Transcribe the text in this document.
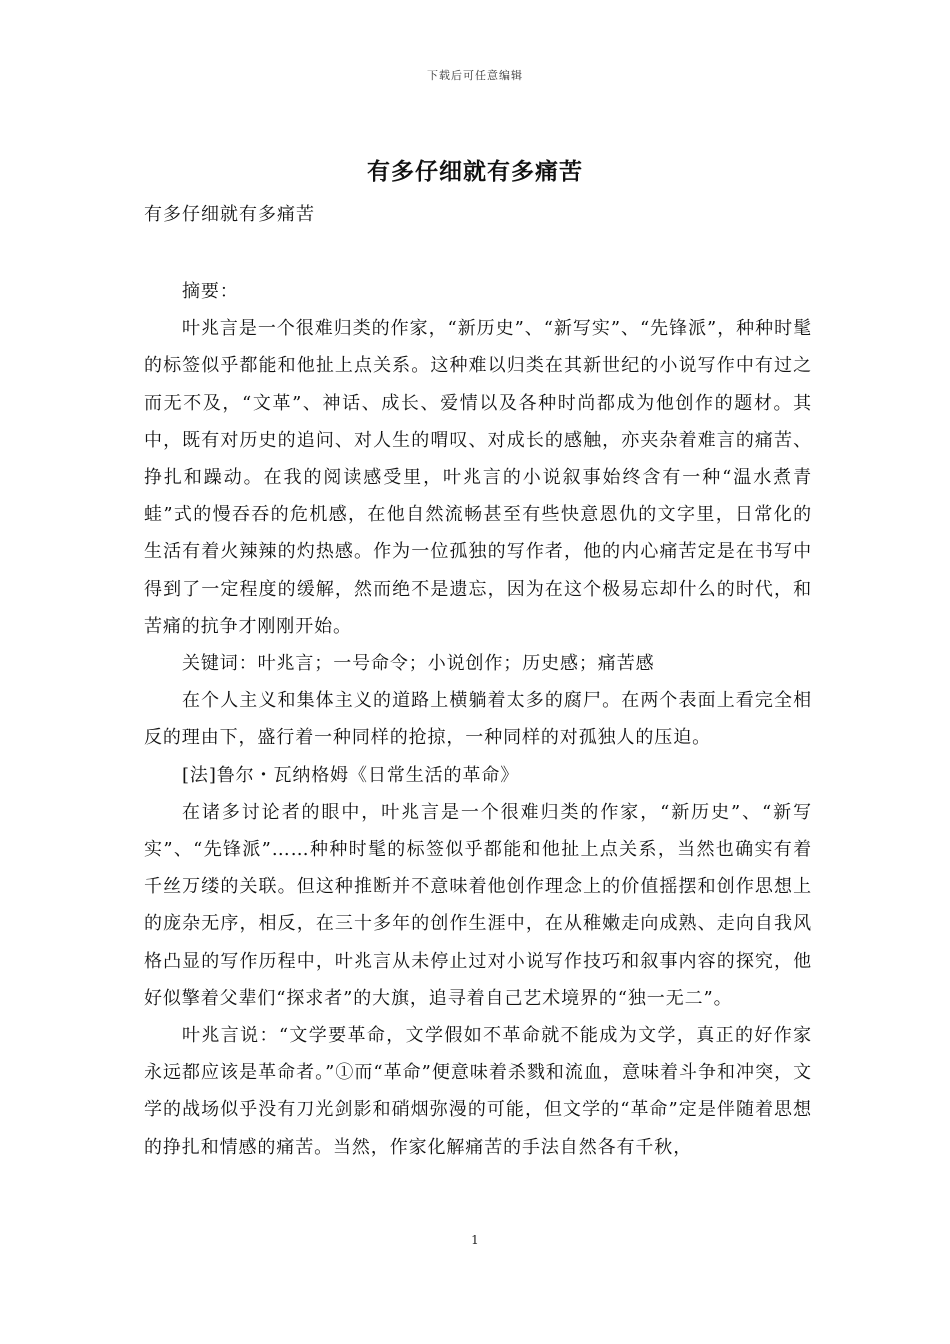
下载后可任意编辑
有多仔细就有多痛苦
有多仔细就有多痛苦

摘要：

叶兆言是一个很难归类的作家，“新历史”、“新写实”、“先锋派”，种种时髦的标签似乎都能和他扯上点关系。这种难以归类在其新世纪的小说写作中有过之而无不及，“文革”、神话、成长、爱情以及各种时尚都成为他创作的题材。其中，既有对历史的追问、对人生的喟叹、对成长的感触，亦夹杂着难言的痛苦、挣扎和躁动。在我的阅读感受里，叶兆言的小说叙事始终含有一种“温水煮青蛙”式的慢吞吞的危机感，在他自然流畅甚至有些快意恩仇的文字里，日常化的生活有着火辣辣的灼热感。作为一位孤独的写作者，他的内心痛苦定是在书写中得到了一定程度的缓解，然而绝不是遗忘，因为在这个极易忘却什么的时代，和苦痛的抗争才刚刚开始。

关键词：叶兆言；一号命令；小说创作；历史感；痛苦感

在个人主义和集体主义的道路上横躺着太多的腐尸。在两个表面上看完全相反的理由下，盛行着一种同样的抢掠，一种同样的对孤独人的压迫。

[法]鲁尔・瓦纳格姆《日常生活的革命》

在诸多讨论者的眼中，叶兆言是一个很难归类的作家，“新历史”、“新写实”、“先锋派”……种种时髦的标签似乎都能和他扯上点关系，当然也确实有着千丝万缕的关联。但这种推断并不意味着他创作理念上的价值摇摆和创作思想上的庞杂无序，相反，在三十多年的创作生涯中，在从稚嫩走向成熟、走向自我风格凸显的写作历程中，叶兆言从未停止过对小说写作技巧和叙事内容的探究，他好似擎着父辈们“探求者”的大旗，追寻着自己艺术境界的“独一无二”。

叶兆言说：“文学要革命，文学假如不革命就不能成为文学，真正的好作家永远都应该是革命者。”①而“革命”便意味着杀戮和流血，意味着斗争和冲突，文学的战场似乎没有刀光剑影和硝烟弥漫的可能，但文学的“革命”定是伴随着思想的挣扎和情感的痛苦。当然，作家化解痛苦的手法自然各有千秋，

1
